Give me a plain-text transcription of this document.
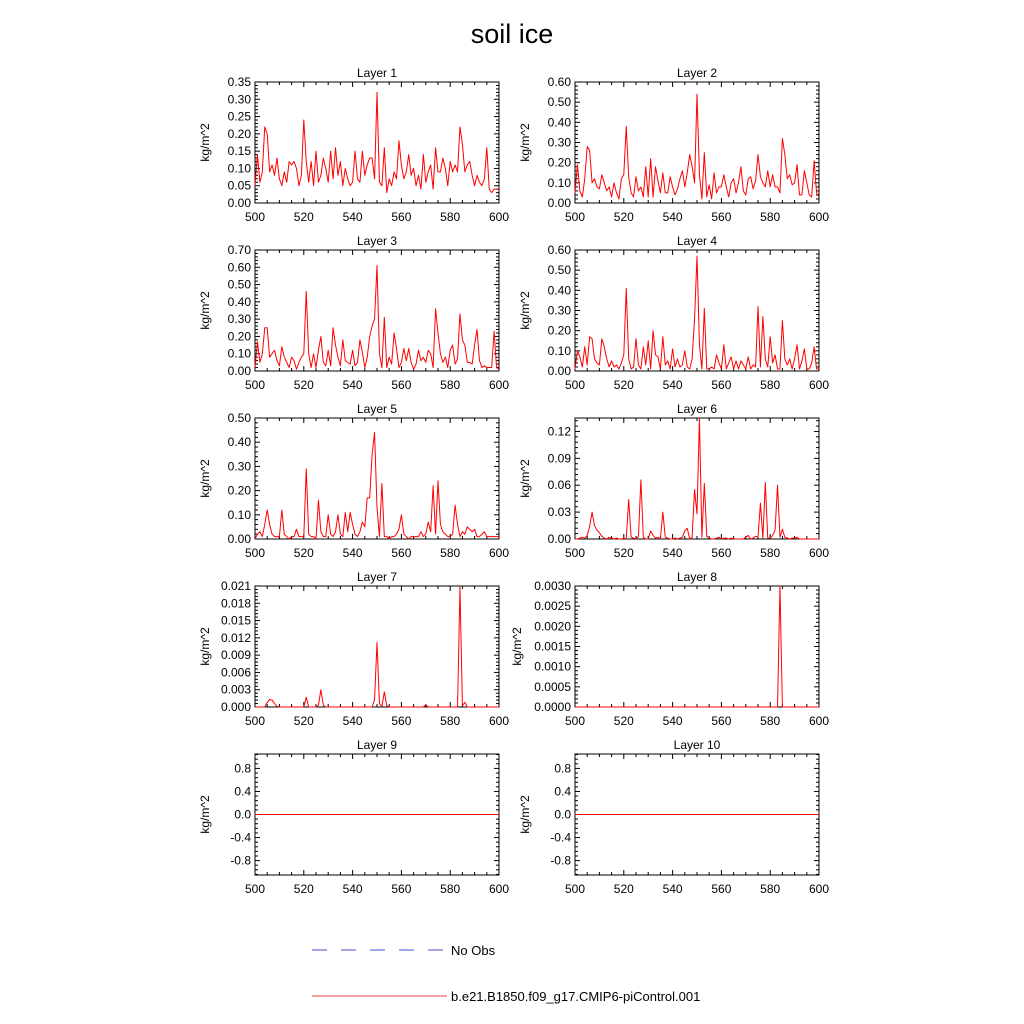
soil ice
Layer 1
500 520 540 560 580 600
0.00
0.05
0.10
0.15
0.20
0.25
0.30
0.35
kg/m^2
Layer 2
500 520 540 560 580 600
0.00
0.10
0.20
0.30
0.40
0.50
0.60
kg/m^2
Layer 3
500 520 540 560 580 600
0.00
0.10
0.20
0.30
0.40
0.50
0.60
0.70
kg/m^2
Layer 4
500 520 540 560 580 600
0.00
0.10
0.20
0.30
0.40
0.50
0.60
kg/m^2
Layer 5
500 520 540 560 580 600
0.00
0.10
0.20
0.30
0.40
0.50
kg/m^2
Layer 6
500 520 540 560 580 600
0.00
0.03
0.06
0.09
0.12
kg/m^2
Layer 7
500 520 540 560 580 600
0.000
0.003
0.006
0.009
0.012
0.015
0.018
0.021
kg/m^2
Layer 8
500 520 540 560 580 600
0.0000
0.0005
0.0010
0.0015
0.0020
0.0025
0.0030
kg/m^2
Layer 9
500 520 540 560 580 600
-0.8
-0.4
0.0
0.4
0.8
kg/m^2
Layer 10
500 520 540 560 580 600
-0.8
-0.4
0.0
0.4
0.8
kg/m^2
No Obs
b.e21.B1850.f09_g17.CMIP6-piControl.001
